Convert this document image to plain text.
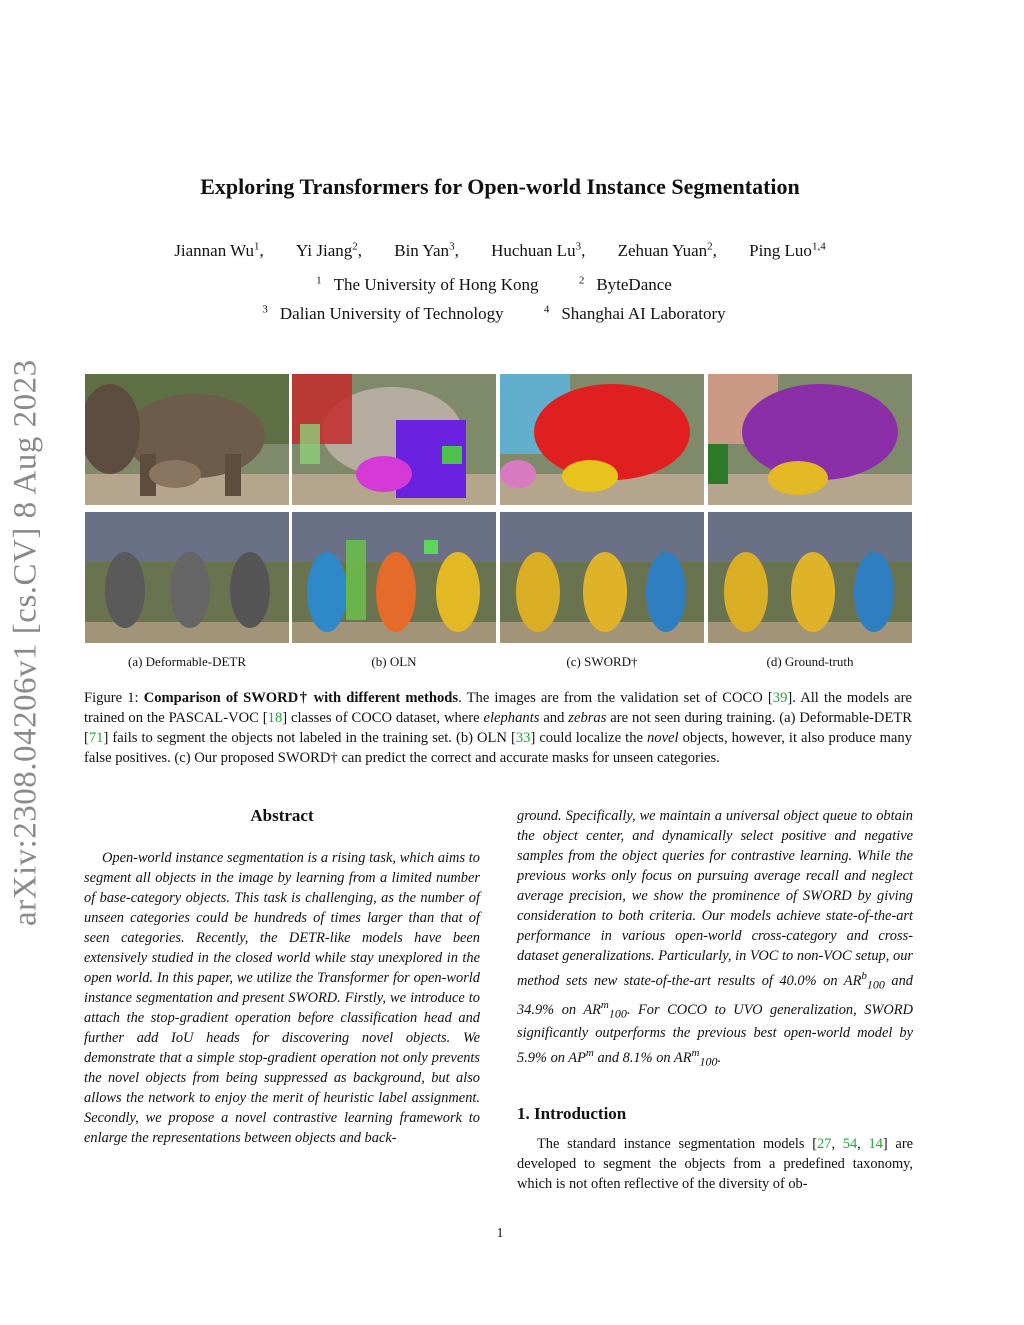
arXiv:2308.04206v1 [cs.CV] 8 Aug 2023
Exploring Transformers for Open-world Instance Segmentation
Jiannan Wu$^1$, Yi Jiang$^2$, Bin Yan$^3$, Huchuan Lu$^3$, Zehuan Yuan$^2$, Ping Luo$^{1,4}$
$^1$ The University of Hong Kong	$^2$ ByteDance
$^3$ Dalian University of Technology	$^4$ Shanghai AI Laboratory
(a) Deformable-DETR	(b) OLN	(c) SWORD†	(d) Ground-truth
Figure 1: Comparison of SWORD† with different methods. The images are from the validation set of COCO [39]. All the models are trained on the PASCAL-VOC [18] classes of COCO dataset, where elephants and zebras are not seen during training. (a) Deformable-DETR [71] fails to segment the objects not labeled in the training set. (b) OLN [33] could localize the novel objects, however, it also produce many false positives. (c) Our proposed SWORD† can predict the correct and accurate masks for unseen categories.
Abstract

Open-world instance segmentation is a rising task, which aims to segment all objects in the image by learning from a limited number of base-category objects. This task is challenging, as the number of unseen categories could be hundreds of times larger than that of seen categories. Recently, the DETR-like models have been extensively studied in the closed world while stay unexplored in the open world. In this paper, we utilize the Transformer for open-world instance segmentation and present SWORD. Firstly, we introduce to attach the stop-gradient operation before classification head and further add IoU heads for discovering novel objects. We demonstrate that a simple stop-gradient operation not only prevents the novel objects from being suppressed as background, but also allows the network to enjoy the merit of heuristic label assignment. Secondly, we propose a novel contrastive learning framework to enlarge the representations between objects and back-

ground. Specifically, we maintain a universal object queue to obtain the object center, and dynamically select positive and negative samples from the object queries for contrastive learning. While the previous works only focus on pursuing average recall and neglect average precision, we show the prominence of SWORD by giving consideration to both criteria. Our models achieve state-of-the-art performance in various open-world cross-category and cross-dataset generalizations. Particularly, in VOC to non-VOC setup, our method sets new state-of-the-art results of 40.0% on $AR^b_{100}$ and 34.9% on $AR^m_{100}$. For COCO to UVO generalization, SWORD significantly outperforms the previous best open-world model by 5.9% on $AP^m$ and 8.1% on $AR^m_{100}$.

1. Introduction

The standard instance segmentation models [27, 54, 14] are developed to segment the objects from a predefined taxonomy, which is not often reflective of the diversity of ob-

1
